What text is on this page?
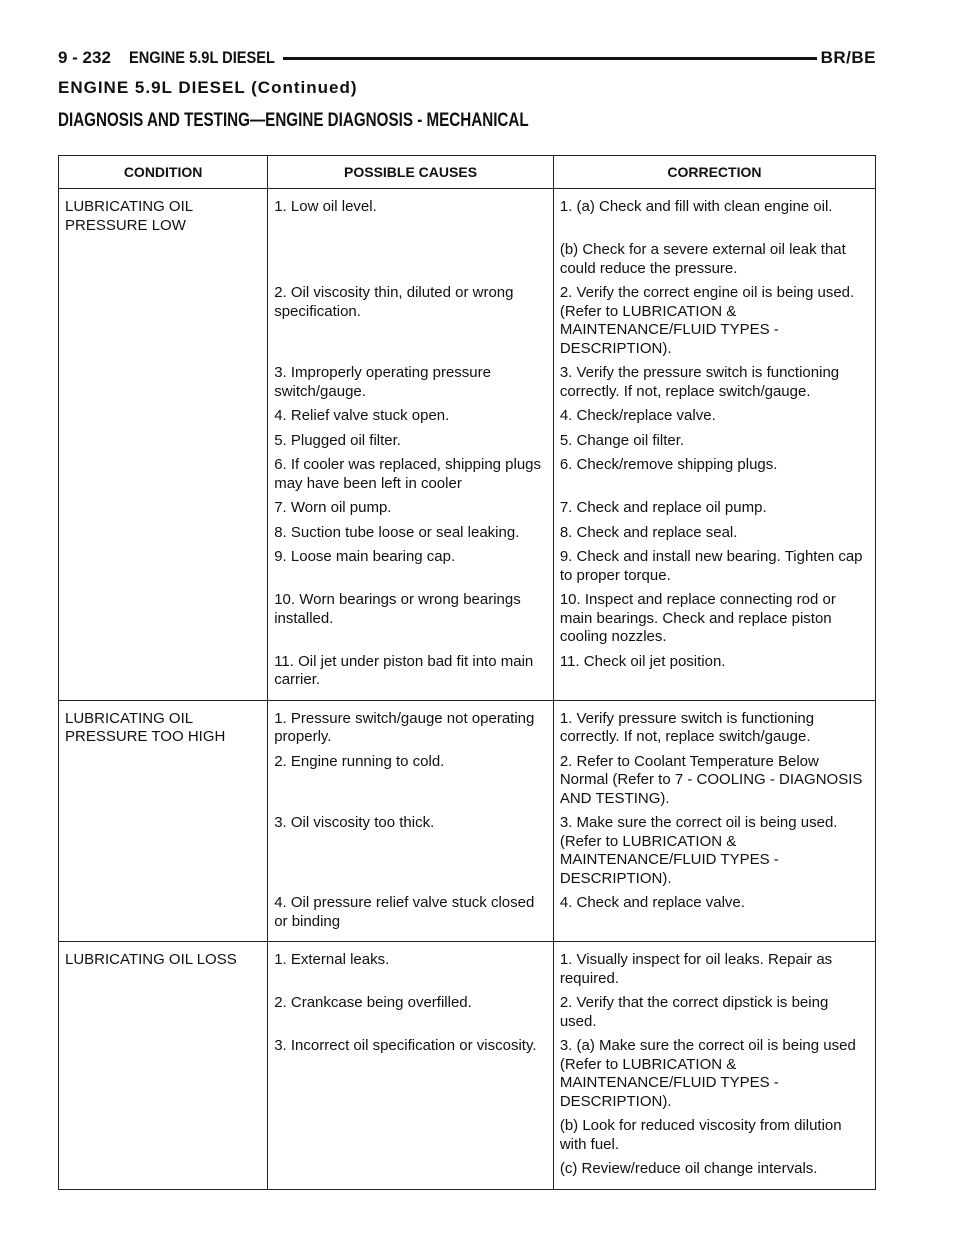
9 - 232 ENGINE 5.9L DIESEL	BR/BE
ENGINE 5.9L DIESEL (Continued)
DIAGNOSIS AND TESTING—ENGINE DIAGNOSIS - MECHANICAL
CONDITION	POSSIBLE CAUSES	CORRECTION
LUBRICATING OIL PRESSURE LOW	1. Low oil level.	1. (a) Check and fill with clean engine oil.
		(b) Check for a severe external oil leak that could reduce the pressure.
	2. Oil viscosity thin, diluted or wrong specification.	2. Verify the correct engine oil is being used. (Refer to LUBRICATION & MAINTENANCE/FLUID TYPES - DESCRIPTION).
	3. Improperly operating pressure switch/gauge.	3. Verify the pressure switch is functioning correctly. If not, replace switch/gauge.
	4. Relief valve stuck open.	4. Check/replace valve.
	5. Plugged oil filter.	5. Change oil filter.
	6. If cooler was replaced, shipping plugs may have been left in cooler	6. Check/remove shipping plugs.
	7. Worn oil pump.	7. Check and replace oil pump.
	8. Suction tube loose or seal leaking.	8. Check and replace seal.
	9. Loose main bearing cap.	9. Check and install new bearing. Tighten cap to proper torque.
	10. Worn bearings or wrong bearings installed.	10. Inspect and replace connecting rod or main bearings. Check and replace piston cooling nozzles.
	11. Oil jet under piston bad fit into main carrier.	11. Check oil jet position.
LUBRICATING OIL PRESSURE TOO HIGH	1. Pressure switch/gauge not operating properly.	1. Verify pressure switch is functioning correctly. If not, replace switch/gauge.
	2. Engine running to cold.	2. Refer to Coolant Temperature Below Normal (Refer to 7 - COOLING - DIAGNOSIS AND TESTING).
	3. Oil viscosity too thick.	3. Make sure the correct oil is being used. (Refer to LUBRICATION & MAINTENANCE/FLUID TYPES - DESCRIPTION).
	4. Oil pressure relief valve stuck closed or binding	4. Check and replace valve.
LUBRICATING OIL LOSS	1. External leaks.	1. Visually inspect for oil leaks. Repair as required.
	2. Crankcase being overfilled.	2. Verify that the correct dipstick is being used.
	3. Incorrect oil specification or viscosity.	3. (a) Make sure the correct oil is being used (Refer to LUBRICATION & MAINTENANCE/FLUID TYPES - DESCRIPTION).
		(b) Look for reduced viscosity from dilution with fuel.
		(c) Review/reduce oil change intervals.
